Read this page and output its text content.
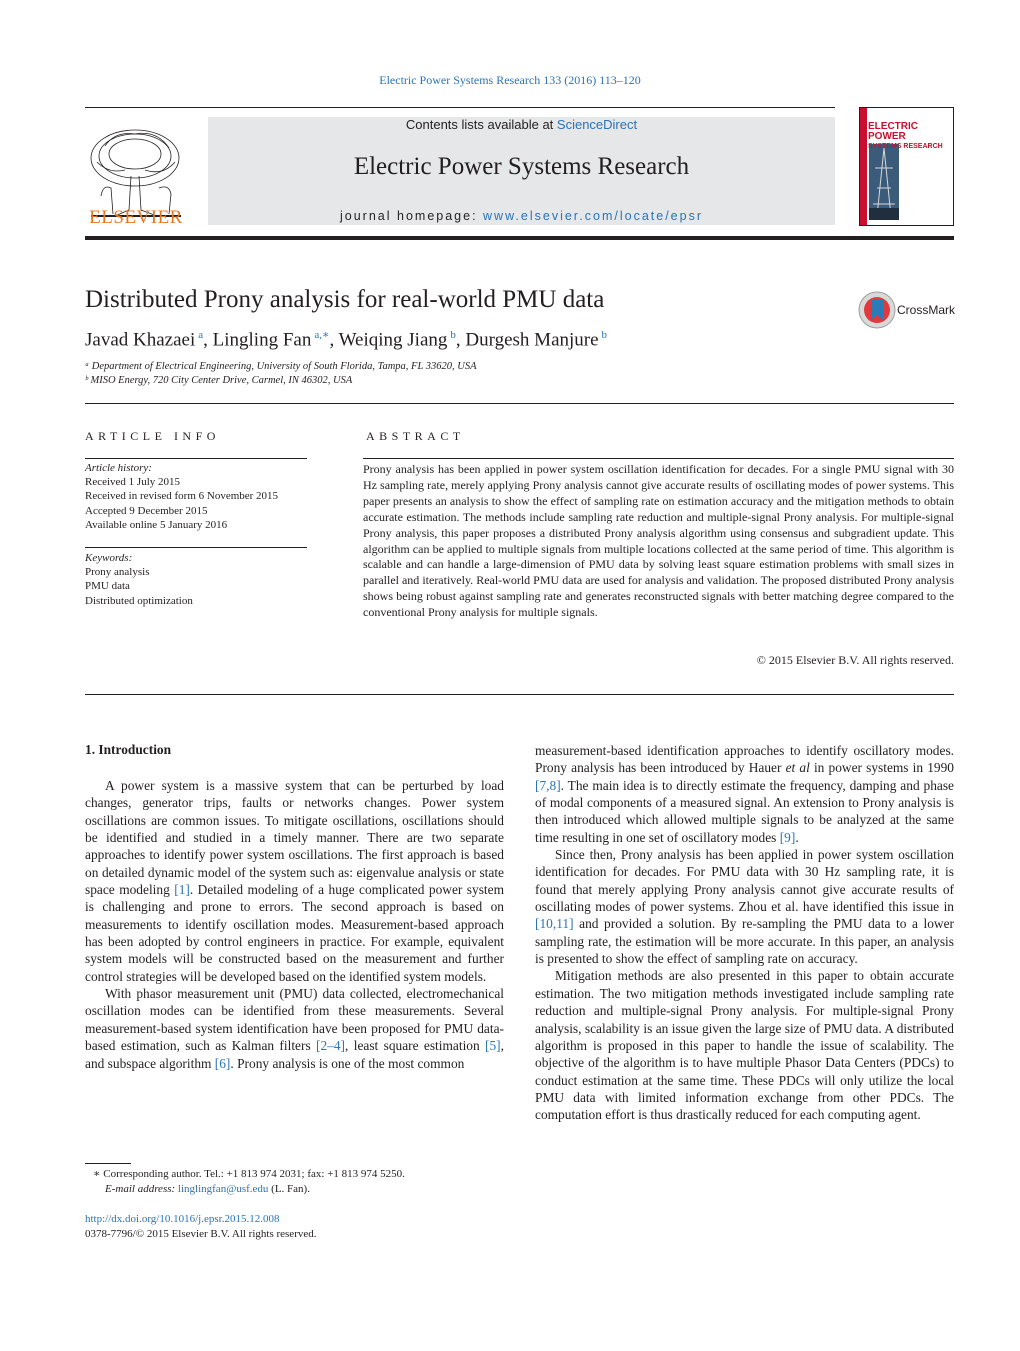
Electric Power Systems Research 133 (2016) 113–120
ELSEVIER
Contents lists available at ScienceDirect
Electric Power Systems Research
journal homepage: www.elsevier.com/locate/epsr
ELECTRIC POWER
SYSTEMS RESEARCH
Distributed Prony analysis for real-world PMU data	CrossMark
Javad Khazaei $^a$, Lingling Fan $^{a,∗}$, Weiqing Jiang $^b$, Durgesh Manjure $^b$
ᵃ Department of Electrical Engineering, University of South Florida, Tampa, FL 33620, USA
ᵇ MISO Energy, 720 City Center Drive, Carmel, IN 46302, USA
ARTICLE INFO	ABSTRACT
Article history:
Received 1 July 2015
Received in revised form 6 November 2015
Accepted 9 December 2015
Available online 5 January 2016
Keywords:
Prony analysis
PMU data
Distributed optimization
Prony analysis has been applied in power system oscillation identification for decades. For a single PMU signal with 30 Hz sampling rate, merely applying Prony analysis cannot give accurate results of oscillating modes of power systems. This paper presents an analysis to show the effect of sampling rate on estimation accuracy and the mitigation methods to obtain accurate estimation. The methods include sampling rate reduction and multiple-signal Prony analysis. For multiple-signal Prony analysis, this paper proposes a distributed Prony analysis algorithm using consensus and subgradient update. This algorithm can be applied to multiple signals from multiple locations collected at the same period of time. This algorithm is scalable and can handle a large-dimension of PMU data by solving least square estimation problems with small sizes in parallel and iteratively. Real-world PMU data are used for analysis and validation. The proposed distributed Prony analysis shows being robust against sampling rate and generates reconstructed signals with better matching degree compared to the conventional Prony analysis for multiple signals.
© 2015 Elsevier B.V. All rights reserved.
1. Introduction

A power system is a massive system that can be perturbed by load changes, generator trips, faults or networks changes. Power system oscillations are common issues. To mitigate oscillations, oscillations should be identified and studied in a timely manner. There are two separate approaches to identify power system oscillations. The first approach is based on detailed dynamic model of the system such as: eigenvalue analysis or state space modeling [1]. Detailed modeling of a huge complicated power system is challenging and prone to errors. The second approach is based on measurements to identify oscillation modes. Measurement-based approach has been adopted by control engineers in practice. For example, equivalent system models will be constructed based on the measurement and further control strategies will be developed based on the identified system models.

With phasor measurement unit (PMU) data collected, electromechanical oscillation modes can be identified from these measurements. Several measurement-based system identification have been proposed for PMU data-based estimation, such as Kalman filters [2–4], least square estimation [5], and subspace algorithm [6]. Prony analysis is one of the most common

measurement-based identification approaches to identify oscillatory modes. Prony analysis has been introduced by Hauer et al in power systems in 1990 [7,8]. The main idea is to directly estimate the frequency, damping and phase of modal components of a measured signal. An extension to Prony analysis is then introduced which allowed multiple signals to be analyzed at the same time resulting in one set of oscillatory modes [9].

Since then, Prony analysis has been applied in power system oscillation identification for decades. For PMU data with 30 Hz sampling rate, it is found that merely applying Prony analysis cannot give accurate results of oscillating modes of power systems. Zhou et al. have identified this issue in [10,11] and provided a solution. By re-sampling the PMU data to a lower sampling rate, the estimation will be more accurate. In this paper, an analysis is presented to show the effect of sampling rate on accuracy.

Mitigation methods are also presented in this paper to obtain accurate estimation. The two mitigation methods investigated include sampling rate reduction and multiple-signal Prony analysis. For multiple-signal Prony analysis, scalability is an issue given the large size of PMU data. A distributed algorithm is proposed in this paper to handle the issue of scalability. The objective of the algorithm is to have multiple Phasor Data Centers (PDCs) to conduct estimation at the same time. These PDCs will only utilize the local PMU data with limited information exchange from other PDCs. The computation effort is thus drastically reduced for each computing agent.

∗ Corresponding author. Tel.: +1 813 974 2031; fax: +1 813 974 5250.
E-mail address: linglingfan@usf.edu (L. Fan).
http://dx.doi.org/10.1016/j.epsr.2015.12.008
0378-7796/© 2015 Elsevier B.V. All rights reserved.
